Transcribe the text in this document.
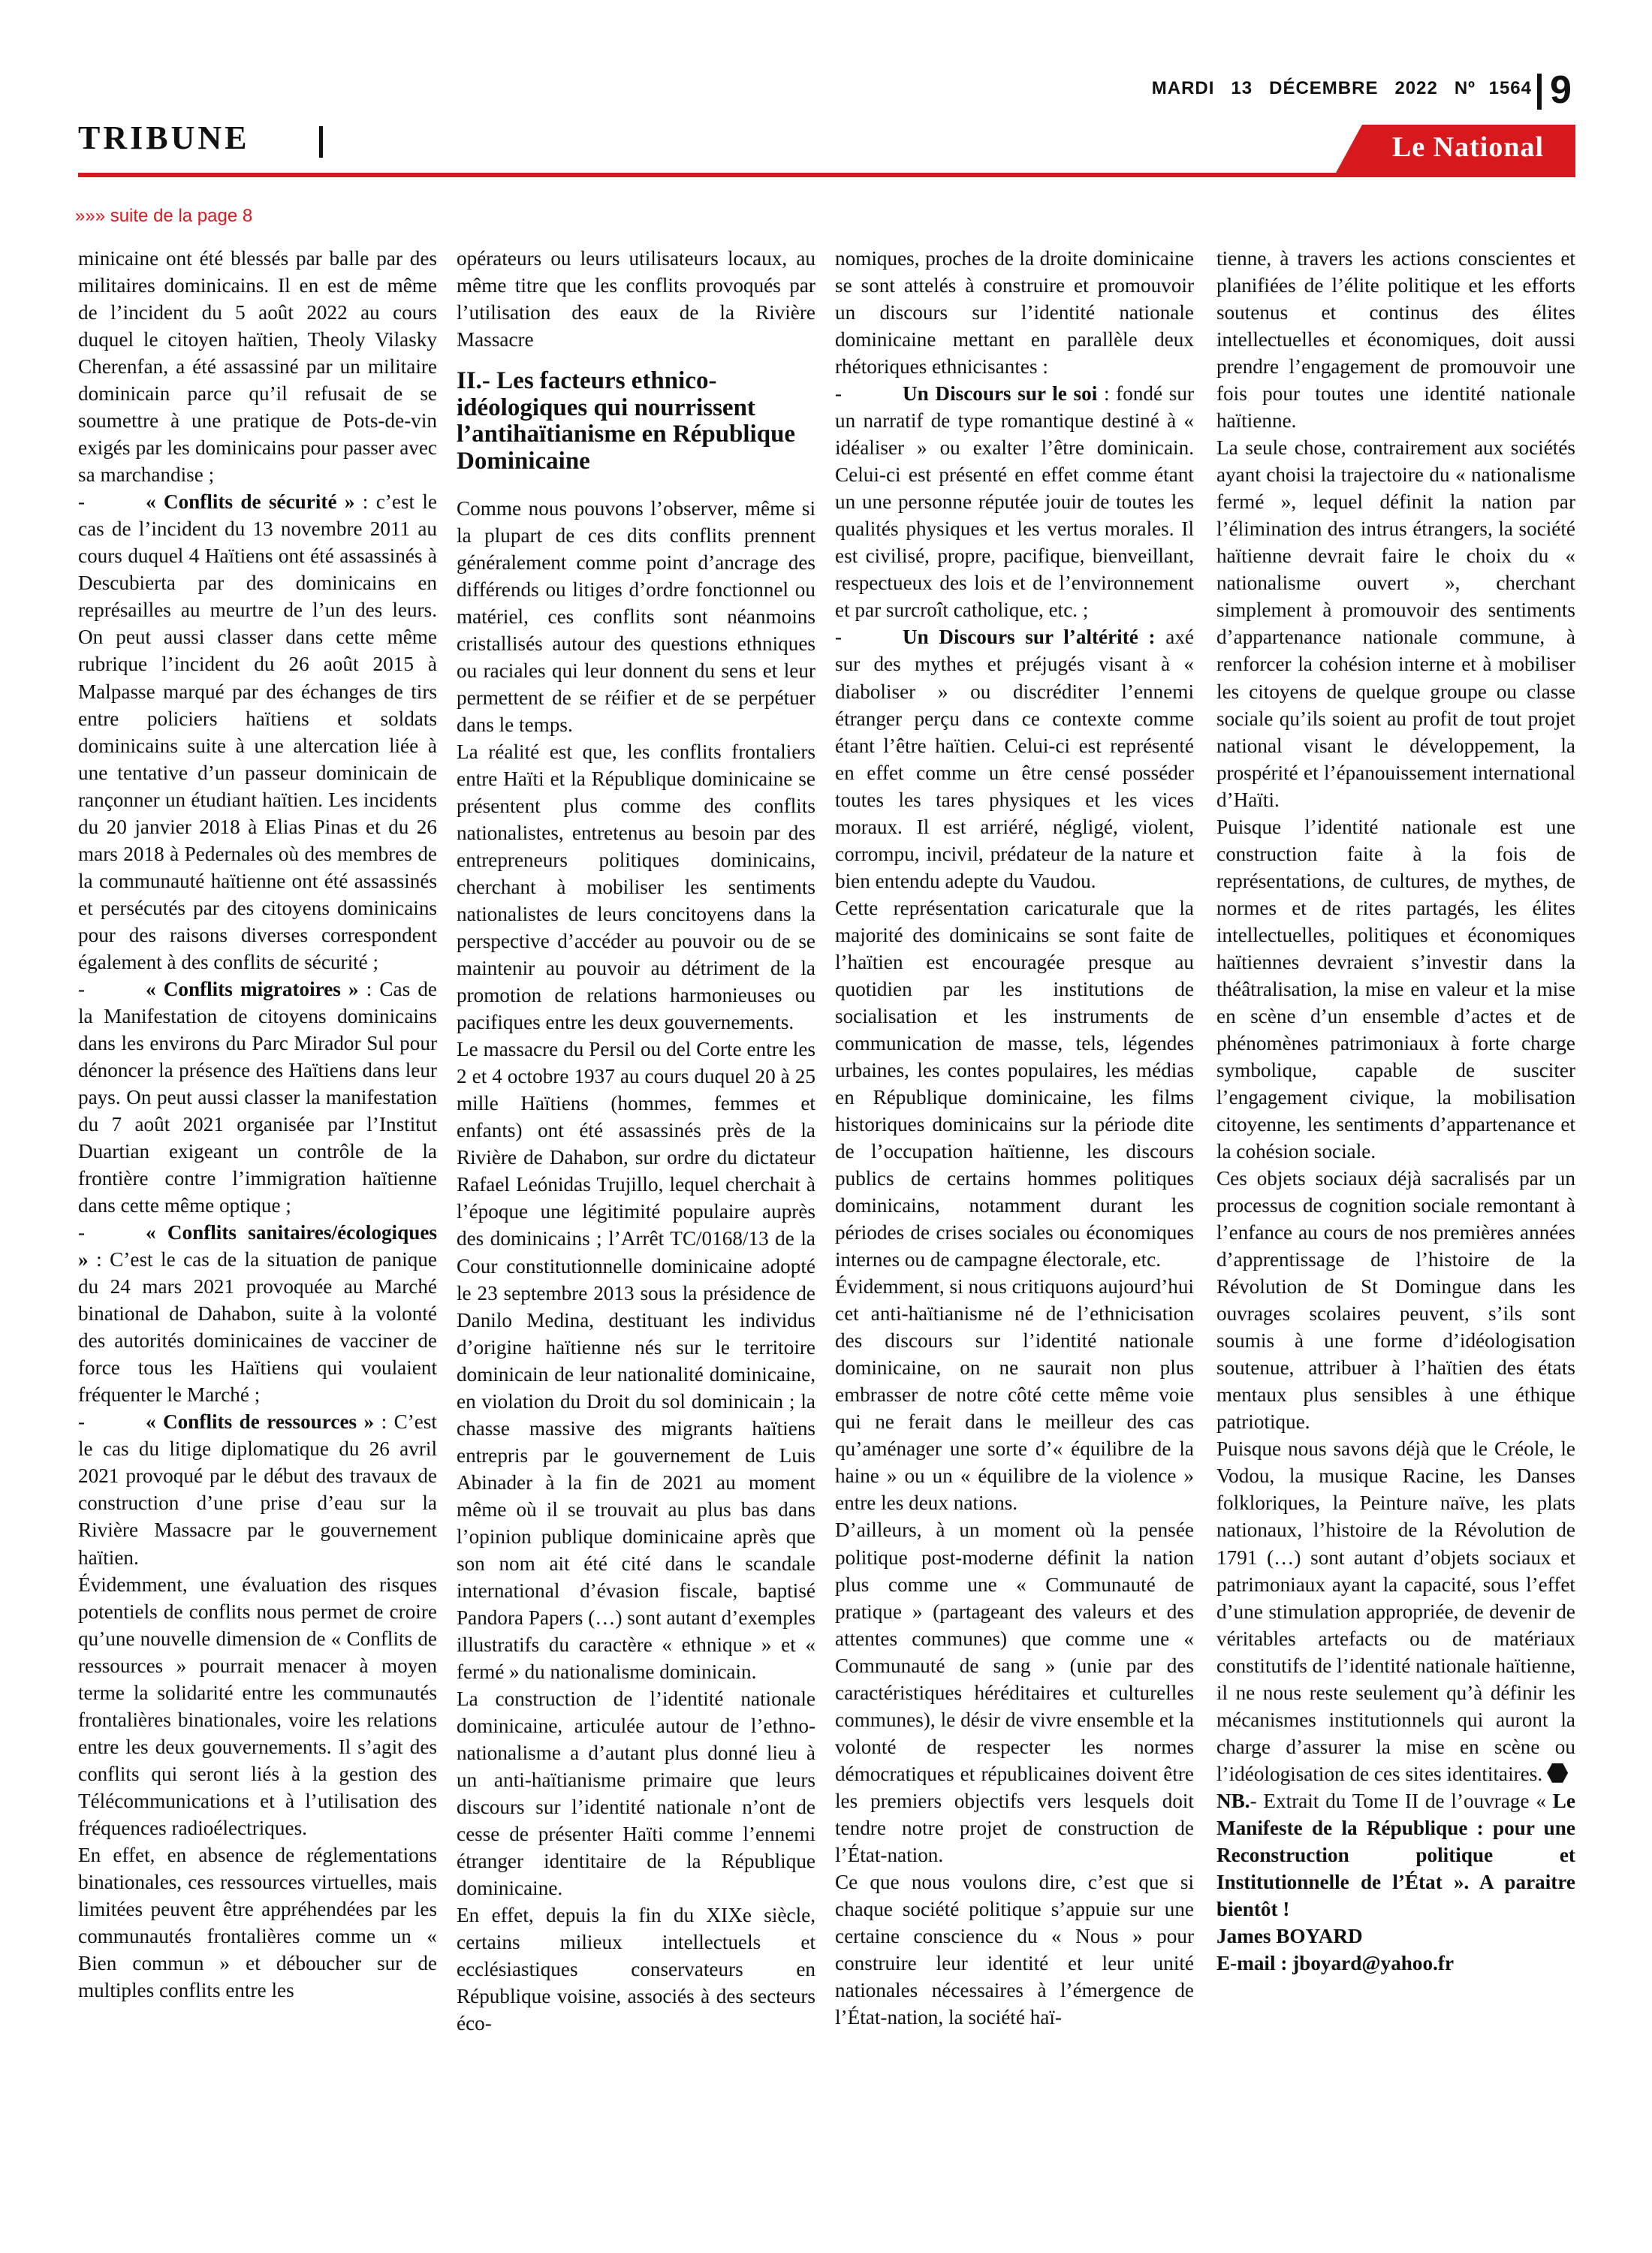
MARDI 13 DÉCEMBRE 2022 Nº 1564 9
TRIBUNE	Le National
»»» suite de la page 8

minicaine ont été blessés par balle par des militaires dominicains. Il en est de même de l’incident du 5 août 2022 au cours duquel le citoyen haïtien, Theoly Vilasky Cherenfan, a été assassiné par un militaire dominicain parce qu’il refusait de se soumettre à une pratique de Pots-de-vin exigés par les dominicains pour passer avec sa marchandise ;

-	« Conflits de sécurité » : c’est le cas de l’incident du 13 novembre 2011 au cours duquel 4 Haïtiens ont été assassinés à Descubierta par des dominicains en représailles au meurtre de l’un des leurs. On peut aussi classer dans cette même rubrique l’incident du 26 août 2015 à Malpasse marqué par des échanges de tirs entre policiers haïtiens et soldats dominicains suite à une altercation liée à une tentative d’un passeur dominicain de rançonner un étudiant haïtien. Les incidents du 20 janvier 2018 à Elias Pinas et du 26 mars 2018 à Pedernales où des membres de la communauté haïtienne ont été assassinés et persécutés par des citoyens dominicains pour des raisons diverses correspondent également à des conflits de sécurité ;

-	« Conflits migratoires » : Cas de la Manifestation de citoyens dominicains dans les environs du Parc Mirador Sul pour dénoncer la présence des Haïtiens dans leur pays. On peut aussi classer la manifestation du 7 août 2021 organisée par l’Institut Duartian exigeant un contrôle de la frontière contre l’immigration haïtienne dans cette même optique ;

-	« Conflits sanitaires/écologiques » : C’est le cas de la situation de panique du 24 mars 2021 provoquée au Marché binational de Dahabon, suite à la volonté des autorités dominicaines de vacciner de force tous les Haïtiens qui voulaient fréquenter le Marché ;

-	« Conflits de ressources » : C’est le cas du litige diplomatique du 26 avril 2021 provoqué par le début des travaux de construction d’une prise d’eau sur la Rivière Massacre par le gouvernement haïtien.

Évidemment, une évaluation des risques potentiels de conflits nous permet de croire qu’une nouvelle dimension de « Conflits de ressources » pourrait menacer à moyen terme la solidarité entre les communautés frontalières binationales, voire les relations entre les deux gouvernements. Il s’agit des conflits qui seront liés à la gestion des Télécommunications et à l’utilisation des fréquences radioélectriques.

En effet, en absence de réglementations binationales, ces ressources virtuelles, mais limitées peuvent être appréhendées par les communautés frontalières comme un « Bien commun » et déboucher sur de multiples conflits entre les

opérateurs ou leurs utilisateurs locaux, au même titre que les conflits provoqués par l’utilisation des eaux de la Rivière Massacre

II.- Les facteurs ethnico-idéologiques qui nourrissent l’antihaïtianisme en République Dominicaine

Comme nous pouvons l’observer, même si la plupart de ces dits conflits prennent généralement comme point d’ancrage des différends ou litiges d’ordre fonctionnel ou matériel, ces conflits sont néanmoins cristallisés autour des questions ethniques ou raciales qui leur donnent du sens et leur permettent de se réifier et de se perpétuer dans le temps.

La réalité est que, les conflits frontaliers entre Haïti et la République dominicaine se présentent plus comme des conflits nationalistes, entretenus au besoin par des entrepreneurs politiques dominicains, cherchant à mobiliser les sentiments nationalistes de leurs concitoyens dans la perspective d’accéder au pouvoir ou de se maintenir au pouvoir au détriment de la promotion de relations harmonieuses ou pacifiques entre les deux gouvernements.

Le massacre du Persil ou del Corte entre les 2 et 4 octobre 1937 au cours duquel 20 à 25 mille Haïtiens (hommes, femmes et enfants) ont été assassinés près de la Rivière de Dahabon, sur ordre du dictateur Rafael Leónidas Trujillo, lequel cherchait à l’époque une légitimité populaire auprès des dominicains ; l’Arrêt TC/0168/13 de la Cour constitutionnelle dominicaine adopté le 23 septembre 2013 sous la présidence de Danilo Medina, destituant les individus d’origine haïtienne nés sur le territoire dominicain de leur nationalité dominicaine, en violation du Droit du sol dominicain ; la chasse massive des migrants haïtiens entrepris par le gouvernement de Luis Abinader à la fin de 2021 au moment même où il se trouvait au plus bas dans l’opinion publique dominicaine après que son nom ait été cité dans le scandale international d’évasion fiscale, baptisé Pandora Papers (…) sont autant d’exemples illustratifs du caractère « ethnique » et « fermé » du nationalisme dominicain.

La construction de l’identité nationale dominicaine, articulée autour de l’ethno-nationalisme a d’autant plus donné lieu à un anti-haïtianisme primaire que leurs discours sur l’identité nationale n’ont de cesse de présenter Haïti comme l’ennemi étranger identitaire de la République dominicaine.

En effet, depuis la fin du XIXe siècle, certains milieux intellectuels et ecclésiastiques conservateurs en République voisine, associés à des secteurs éco-

nomiques, proches de la droite dominicaine se sont attelés à construire et promouvoir un discours sur l’identité nationale dominicaine mettant en parallèle deux rhétoriques ethnicisantes :

-	Un Discours sur le soi : fondé sur un narratif de type romantique destiné à « idéaliser » ou exalter l’être dominicain. Celui-ci est présenté en effet comme étant un une personne réputée jouir de toutes les qualités physiques et les vertus morales. Il est civilisé, propre, pacifique, bienveillant, respectueux des lois et de l’environnement et par surcroît catholique, etc. ;

-	Un Discours sur l’altérité : axé sur des mythes et préjugés visant à « diaboliser » ou discréditer l’ennemi étranger perçu dans ce contexte comme étant l’être haïtien. Celui-ci est représenté en effet comme un être censé posséder toutes les tares physiques et les vices moraux. Il est arriéré, négligé, violent, corrompu, incivil, prédateur de la nature et bien entendu adepte du Vaudou.

Cette représentation caricaturale que la majorité des dominicains se sont faite de l’haïtien est encouragée presque au quotidien par les institutions de socialisation et les instruments de communication de masse, tels, légendes urbaines, les contes populaires, les médias en République dominicaine, les films historiques dominicains sur la période dite de l’occupation haïtienne, les discours publics de certains hommes politiques dominicains, notamment durant les périodes de crises sociales ou économiques internes ou de campagne électorale, etc.

Évidemment, si nous critiquons aujourd’hui cet anti-haïtianisme né de l’ethnicisation des discours sur l’identité nationale dominicaine, on ne saurait non plus embrasser de notre côté cette même voie qui ne ferait dans le meilleur des cas qu’aménager une sorte d’« équilibre de la haine » ou un « équilibre de la violence » entre les deux nations.

D’ailleurs, à un moment où la pensée politique post-moderne définit la nation plus comme une « Communauté de pratique » (partageant des valeurs et des attentes communes) que comme une « Communauté de sang » (unie par des caractéristiques héréditaires et culturelles communes), le désir de vivre ensemble et la volonté de respecter les normes démocratiques et républicaines doivent être les premiers objectifs vers lesquels doit tendre notre projet de construction de l’État-nation.

Ce que nous voulons dire, c’est que si chaque société politique s’appuie sur une certaine conscience du « Nous » pour construire leur identité et leur unité nationales nécessaires à l’émergence de l’État-nation, la société haï-

tienne, à travers les actions conscientes et planifiées de l’élite politique et les efforts soutenus et continus des élites intellectuelles et économiques, doit aussi prendre l’engagement de promouvoir une fois pour toutes une identité nationale haïtienne.

La seule chose, contrairement aux sociétés ayant choisi la trajectoire du « nationalisme fermé », lequel définit la nation par l’élimination des intrus étrangers, la société haïtienne devrait faire le choix du « nationalisme ouvert », cherchant simplement à promouvoir des sentiments d’appartenance nationale commune, à renforcer la cohésion interne et à mobiliser les citoyens de quelque groupe ou classe sociale qu’ils soient au profit de tout projet national visant le développement, la prospérité et l’épanouissement international d’Haïti.

Puisque l’identité nationale est une construction faite à la fois de représentations, de cultures, de mythes, de normes et de rites partagés, les élites intellectuelles, politiques et économiques haïtiennes devraient s’investir dans la théâtralisation, la mise en valeur et la mise en scène d’un ensemble d’actes et de phénomènes patrimoniaux à forte charge symbolique, capable de susciter l’engagement civique, la mobilisation citoyenne, les sentiments d’appartenance et la cohésion sociale.

Ces objets sociaux déjà sacralisés par un processus de cognition sociale remontant à l’enfance au cours de nos premières années d’apprentissage de l’histoire de la Révolution de St Domingue dans les ouvrages scolaires peuvent, s’ils sont soumis à une forme d’idéologisation soutenue, attribuer à l’haïtien des états mentaux plus sensibles à une éthique patriotique.

Puisque nous savons déjà que le Créole, le Vodou, la musique Racine, les Danses folkloriques, la Peinture naïve, les plats nationaux, l’histoire de la Révolution de 1791 (…) sont autant d’objets sociaux et patrimoniaux ayant la capacité, sous l’effet d’une stimulation appropriée, de devenir de véritables artefacts ou de matériaux constitutifs de l’identité nationale haïtienne, il ne nous reste seulement qu’à définir les mécanismes institutionnels qui auront la charge d’assurer la mise en scène ou l’idéologisation de ces sites identitaires.

NB.- Extrait du Tome II de l’ouvrage « Le Manifeste de la République : pour une Reconstruction politique et Institutionnelle de l’État ». A paraitre bientôt !

James BOYARD
E-mail : jboyard@yahoo.fr
